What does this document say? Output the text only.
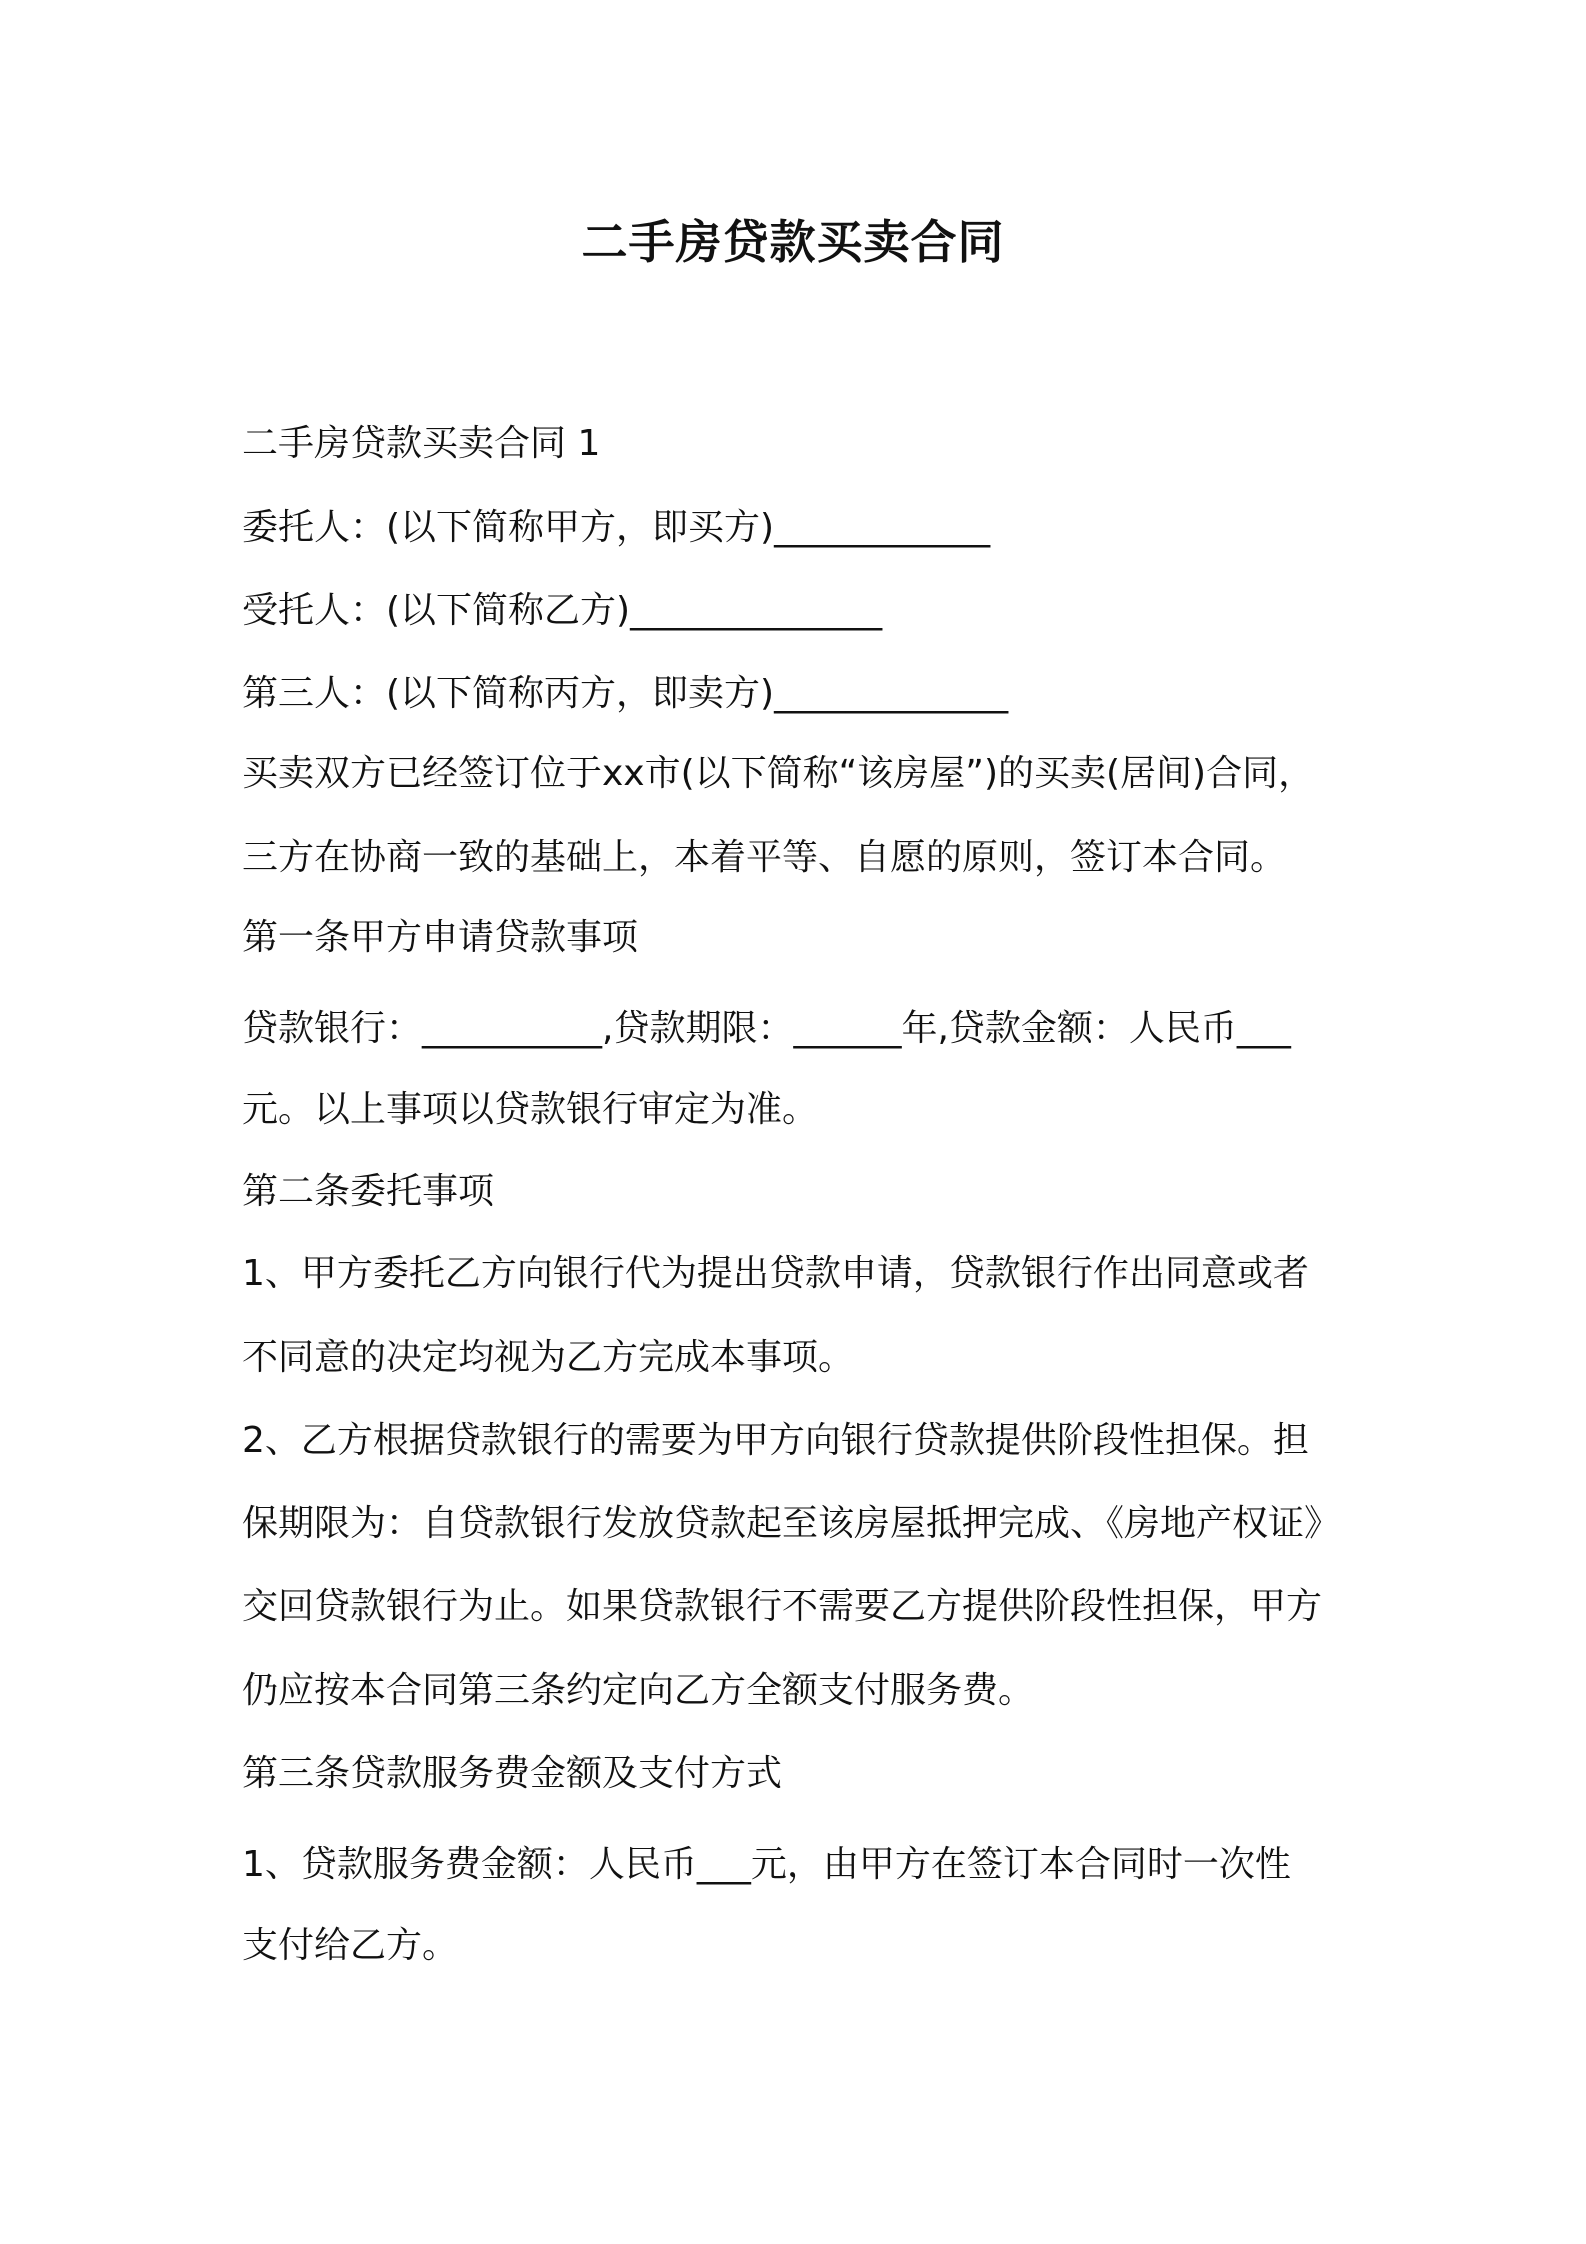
二手房贷款买卖合同
二手房贷款买卖合同 1
委托人：(以下简称甲方，即买方)____________
受托人：(以下简称乙方)______________
第三人：(以下简称丙方，即卖方)_____________
买卖双方已经签订位于xx市(以下简称“该房屋”)的买卖(居间)合同，
三方在协商一致的基础上，本着平等、自愿的原则，签订本合同。
第一条甲方申请贷款事项
贷款银行：__________,贷款期限：______年,贷款金额：人民币___
元。以上事项以贷款银行审定为准。
第二条委托事项
1、甲方委托乙方向银行代为提出贷款申请，贷款银行作出同意或者
不同意的决定均视为乙方完成本事项。
2、乙方根据贷款银行的需要为甲方向银行贷款提供阶段性担保。担
保期限为：自贷款银行发放贷款起至该房屋抵押完成、《房地产权证》
交回贷款银行为止。如果贷款银行不需要乙方提供阶段性担保，甲方
仍应按本合同第三条约定向乙方全额支付服务费。
第三条贷款服务费金额及支付方式
1、贷款服务费金额：人民币___元，由甲方在签订本合同时一次性
支付给乙方。
